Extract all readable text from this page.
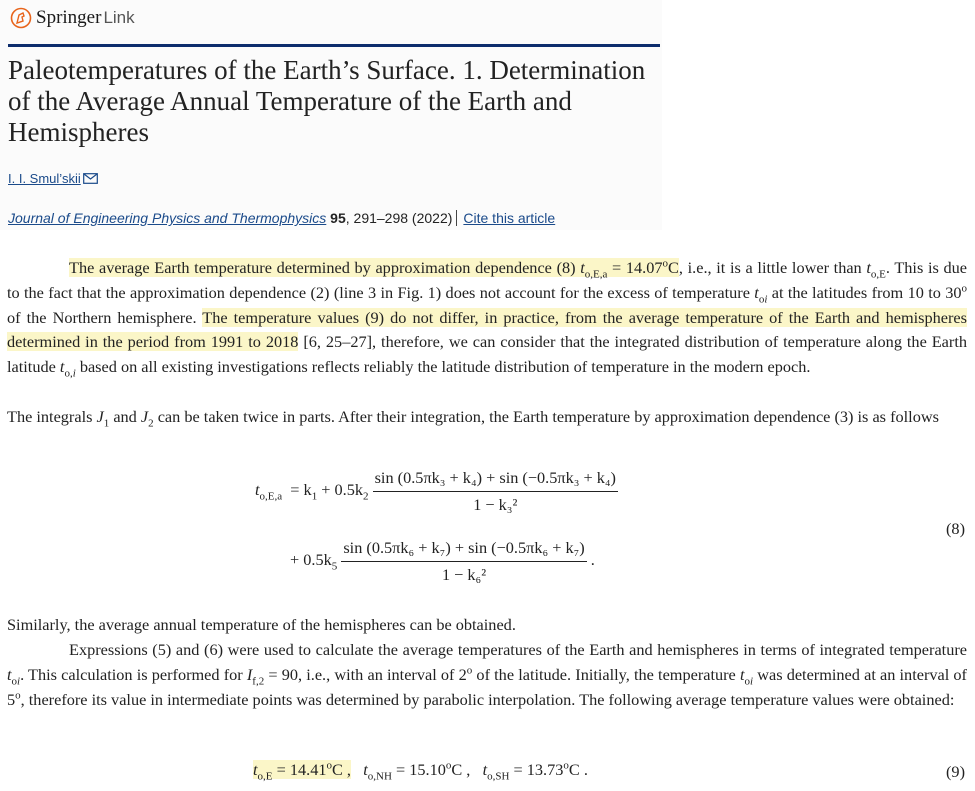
Springer Link
Paleotemperatures of the Earth’s Surface. 1. Determination of the Average Annual Temperature of the Earth and Hemispheres
I. I. Smul’skii
Journal of Engineering Physics and Thermophysics 95, 291–298 (2022) Cite this article
The average Earth temperature determined by approximation dependence (8) $t_{o,E,a} = 14.07^oC$, i.e., it is a little lower than $t_{o,E}$. This is due to the fact that the approximation dependence (2) (line 3 in Fig. 1) does not account for the excess of temperature $t_{oi}$ at the latitudes from 10 to 30$^o$ of the Northern hemisphere. The temperature values (9) do not differ, in practice, from the average temperature of the Earth and hemispheres determined in the period from 1991 to 2018 [6, 25–27], therefore, we can consider that the integrated distribution of temperature along the Earth latitude $t_{o,i}$ based on all existing investigations reflects reliably the latitude distribution of temperature in the modern epoch.
The integrals $J_1$ and $J_2$ can be taken twice in parts. After their integration, the Earth temperature by approximation dependence (3) is as follows
$t_{o,E,a} = k_1 + 0.5k_2 \frac{\text{sin (0.5πk₃ + k₄) + sin (−0.5πk₃ + k₄)}}{\text{1 − k₃²}}$
+ $0.5k_5 \frac{\text{sin (0.5πk₆ + k₇) + sin (−0.5πk₆ + k₇)}}{\text{1 − k₆²}}$ .
(8)
Similarly, the average annual temperature of the hemispheres can be obtained.
Expressions (5) and (6) were used to calculate the average temperatures of the Earth and hemispheres in terms of integrated temperature $t_{oi}$. This calculation is performed for $I_{f,2} = 90$, i.e., with an interval of 2$^o$ of the latitude. Initially, the temperature $t_{oi}$ was determined at an interval of 5$^o$, therefore its value in intermediate points was determined by parabolic interpolation. The following average temperature values were obtained:
$t_{o,E} = 14.41^oC$ , $t_{o,NH} = 15.10^oC$ ,   $t_{o,SH} = 13.73^oC$ .	(9)
